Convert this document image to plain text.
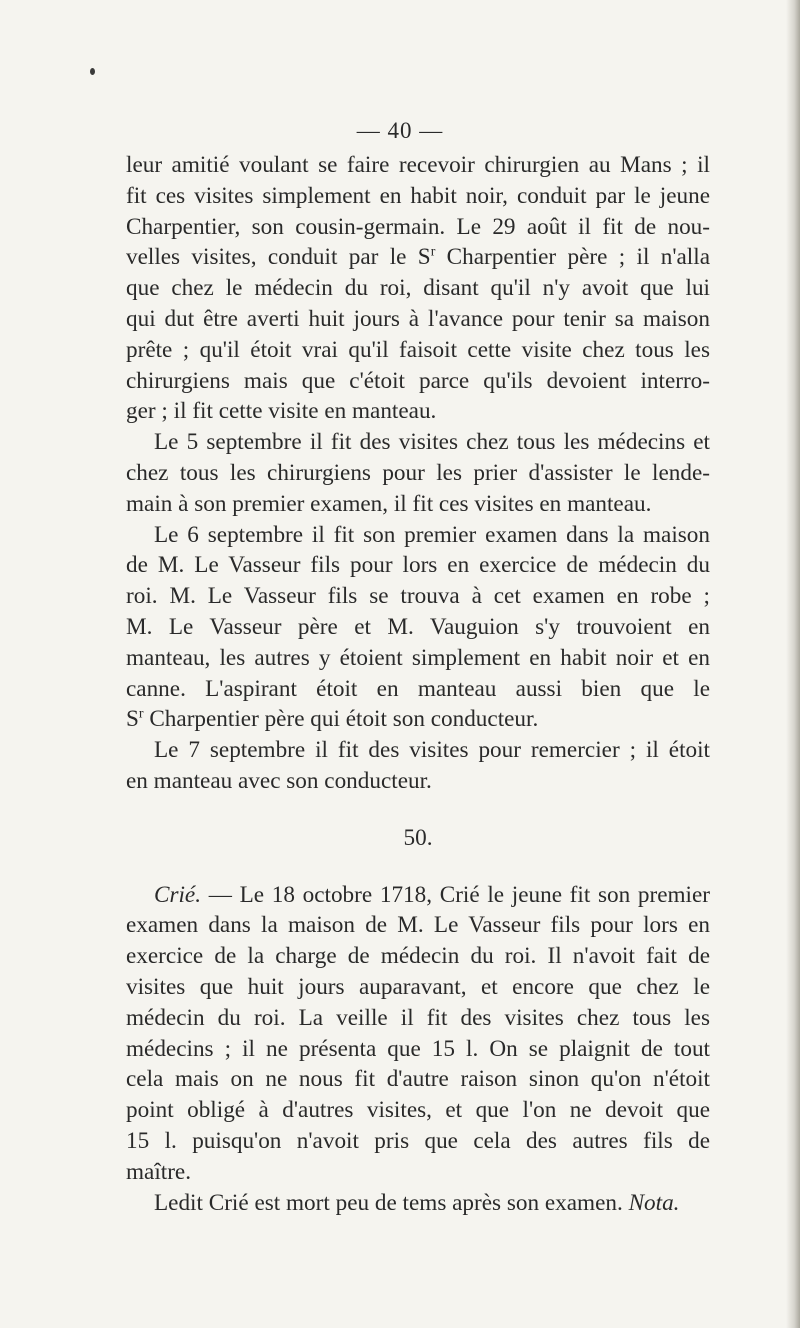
— 40 —
leur amitié voulant se faire recevoir chirurgien au Mans ; il
fit ces visites simplement en habit noir, conduit par le jeune
Charpentier, son cousin-germain. Le 29 août il fit de nou-
velles visites, conduit par le $S^r$ Charpentier père ; il n'alla
que chez le médecin du roi, disant qu'il n'y avoit que lui
qui dut être averti huit jours à l'avance pour tenir sa maison
prête ; qu'il étoit vrai qu'il faisoit cette visite chez tous les
chirurgiens mais que c'étoit parce qu'ils devoient interro-
ger ; il fit cette visite en manteau.
Le 5 septembre il fit des visites chez tous les médecins et
chez tous les chirurgiens pour les prier d'assister le lende-
main à son premier examen, il fit ces visites en manteau.
Le 6 septembre il fit son premier examen dans la maison
de M. Le Vasseur fils pour lors en exercice de médecin du
roi. M. Le Vasseur fils se trouva à cet examen en robe ;
M. Le Vasseur père et M. Vauguion s'y trouvoient en
manteau, les autres y étoient simplement en habit noir et en
canne. L'aspirant étoit en manteau aussi bien que le
$S^r$ Charpentier père qui étoit son conducteur.
Le 7 septembre il fit des visites pour remercier ; il étoit
en manteau avec son conducteur.
50.
Crié. — Le 18 octobre 1718, Crié le jeune fit son premier
examen dans la maison de M. Le Vasseur fils pour lors en
exercice de la charge de médecin du roi. Il n'avoit fait de
visites que huit jours auparavant, et encore que chez le
médecin du roi. La veille il fit des visites chez tous les
médecins ; il ne présenta que 15 l. On se plaignit de tout
cela mais on ne nous fit d'autre raison sinon qu'on n'étoit
point obligé à d'autres visites, et que l'on ne devoit que
15 l. puisqu'on n'avoit pris que cela des autres fils de
maître.
Ledit Crié est mort peu de tems après son examen. Nota.
